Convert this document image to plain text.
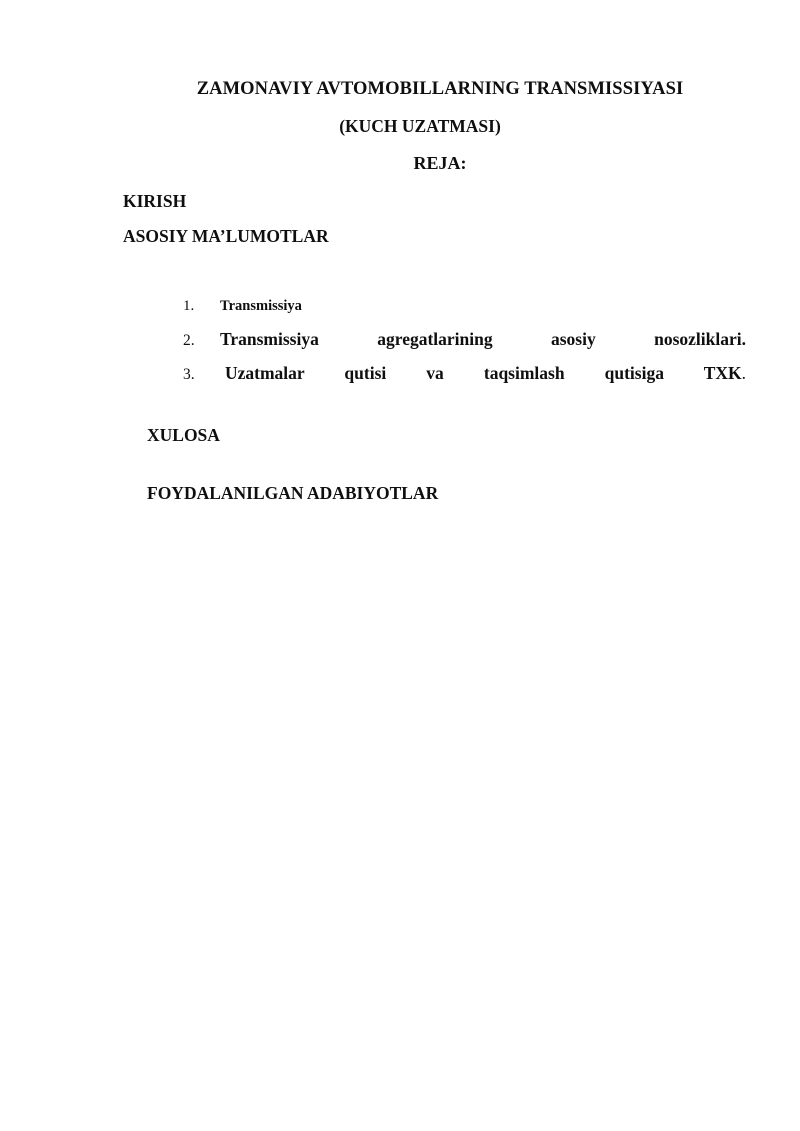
ZAMONAVIY AVTOMOBILLARNING TRANSMISSIYASI
(KUCH UZATMASI)
REJA:
KIRISH
ASOSIY MA’LUMOTLAR
1.	Transmissiya
2.	Transmissiya agregatlarining asosiy nosozliklari.
3.	Uzatmalar qutisi va taqsimlash qutisiga TXK.
XULOSA
FOYDALANILGAN ADABIYOTLAR
